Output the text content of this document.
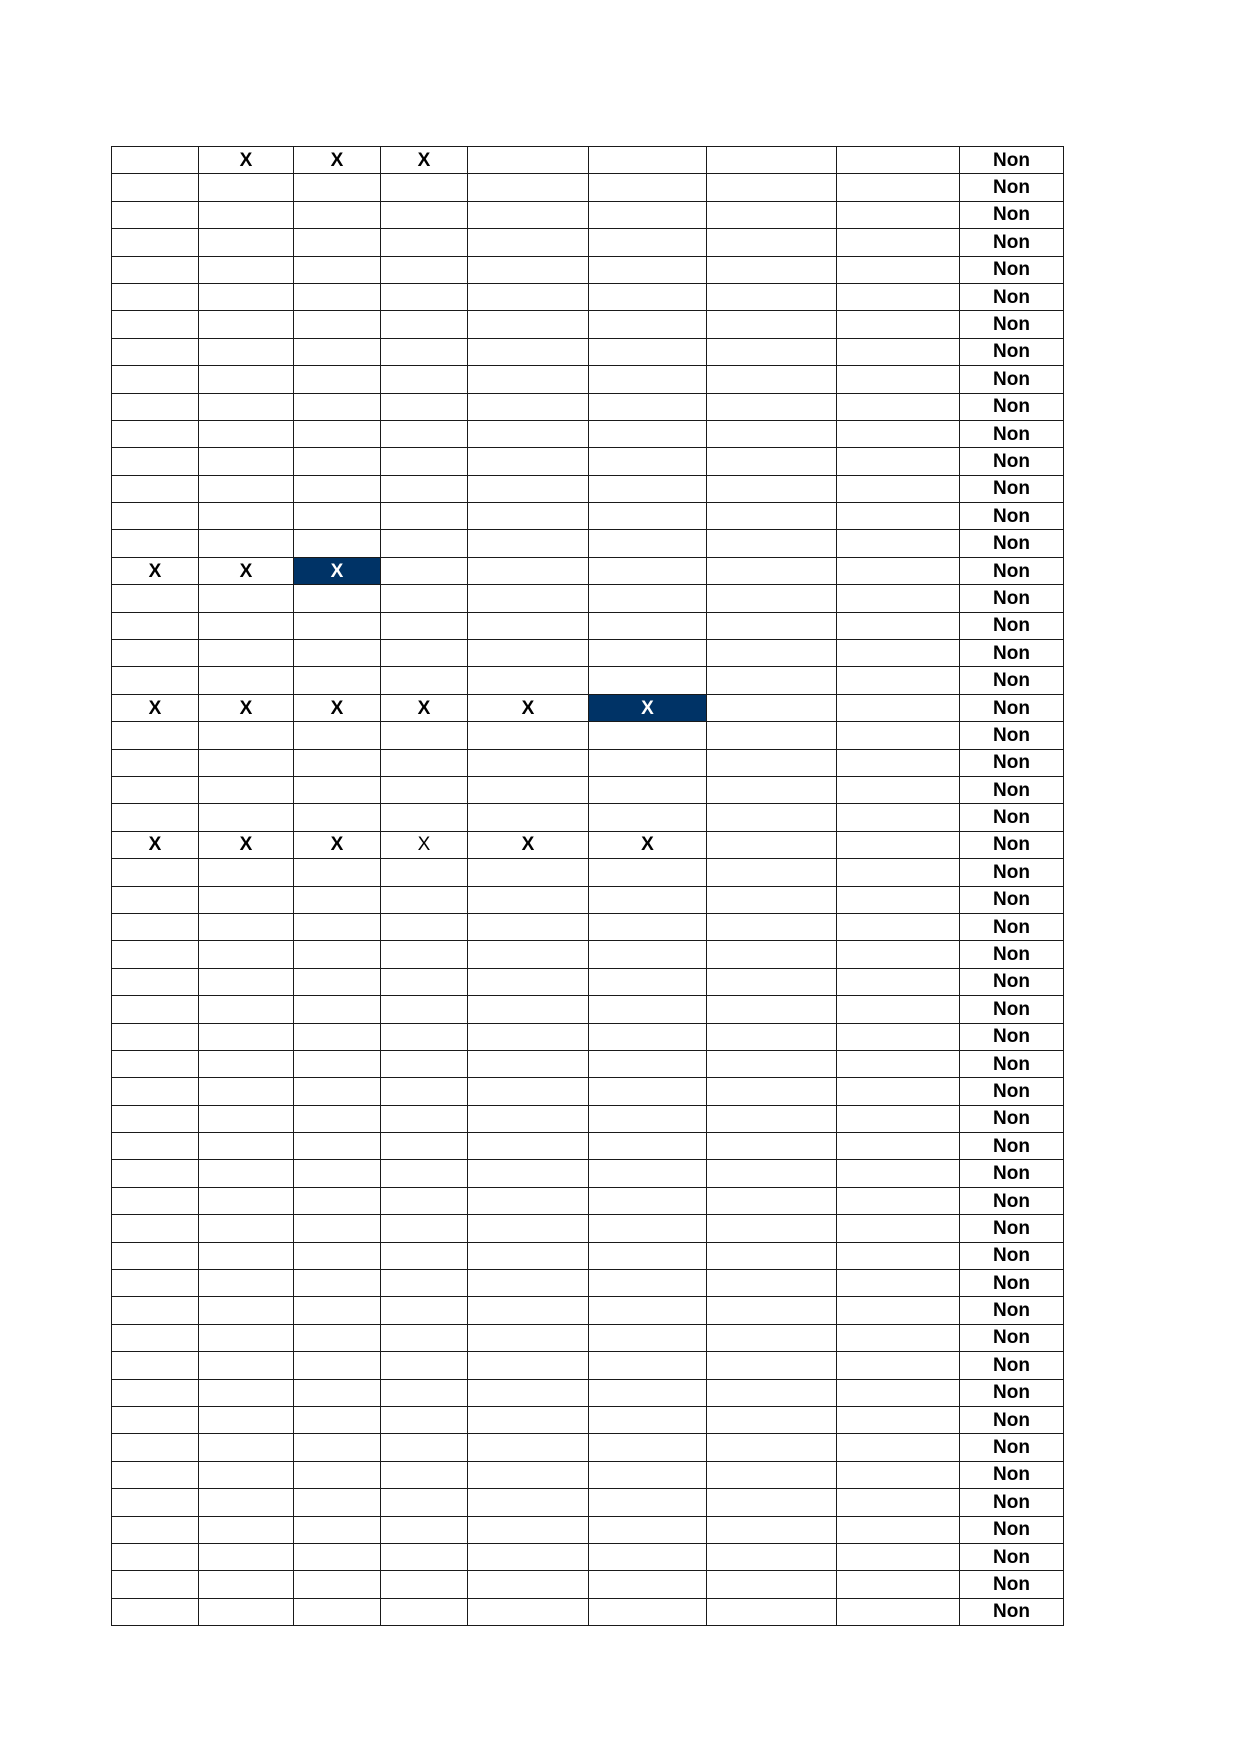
	X	X	X					Non
								Non
								Non
								Non
								Non
								Non
								Non
								Non
								Non
								Non
								Non
								Non
								Non
								Non
								Non
X	X	X						Non
								Non
								Non
								Non
								Non
X	X	X	X	X	X			Non
								Non
								Non
								Non
								Non
X	X	X	X	X	X			Non
								Non
								Non
								Non
								Non
								Non
								Non
								Non
								Non
								Non
								Non
								Non
								Non
								Non
								Non
								Non
								Non
								Non
								Non
								Non
								Non
								Non
								Non
								Non
								Non
								Non
								Non
								Non
								Non
